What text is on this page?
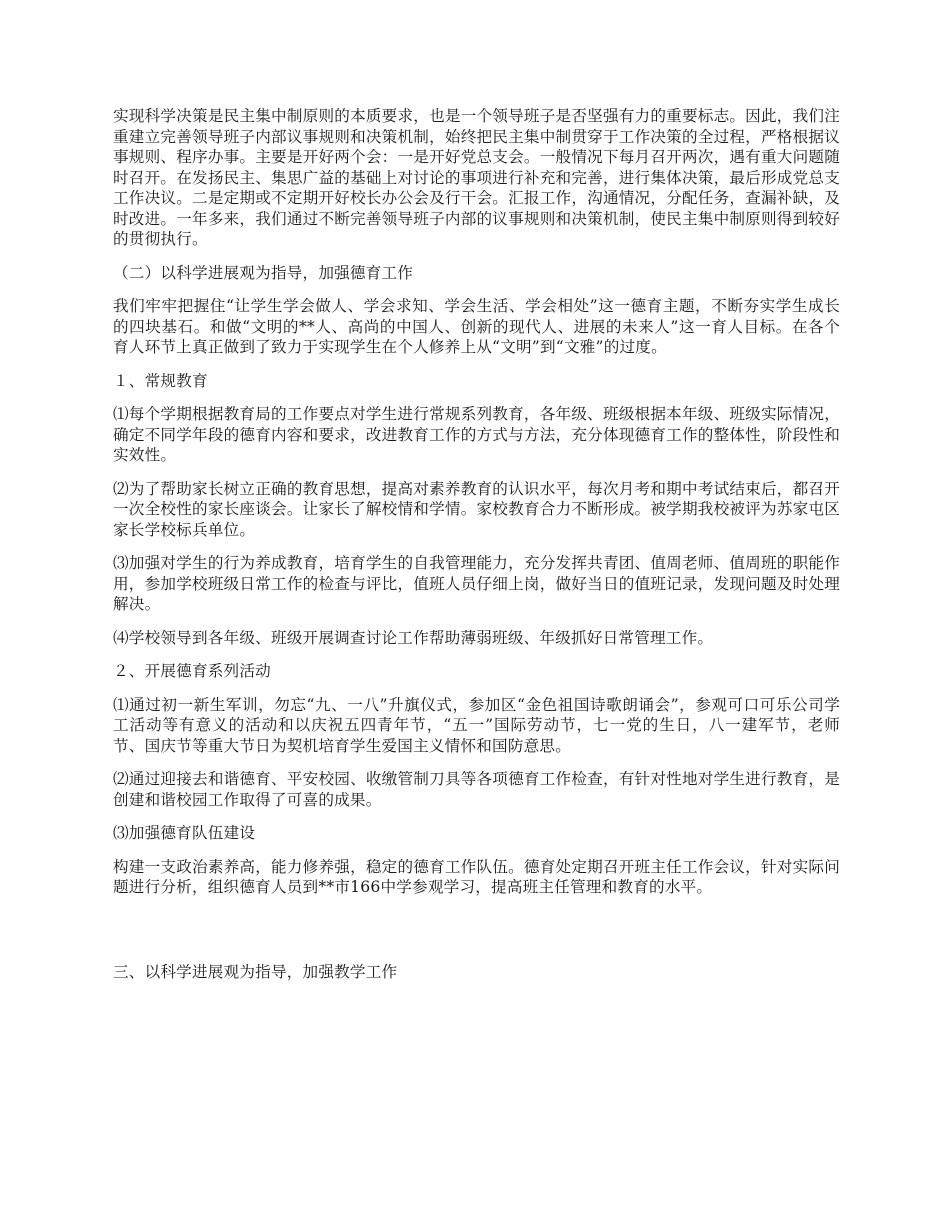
实现科学决策是民主集中制原则的本质要求，也是一个领导班子是否坚强有力的重要标志。因此，我们注重建立完善领导班子内部议事规则和决策机制，始终把民主集中制贯穿于工作决策的全过程，严格根据议事规则、程序办事。主要是开好两个会：一是开好党总支会。一般情况下每月召开两次，遇有重大问题随时召开。在发扬民主、集思广益的基础上对讨论的事项进行补充和完善，进行集体决策，最后形成党总支工作决议。二是定期或不定期开好校长办公会及行干会。汇报工作，沟通情况，分配任务，查漏补缺，及时改进。一年多来，我们通过不断完善领导班子内部的议事规则和决策机制，使民主集中制原则得到较好的贯彻执行。

（二）以科学进展观为指导，加强德育工作

我们牢牢把握住“让学生学会做人、学会求知、学会生活、学会相处”这一德育主题，不断夯实学生成长的四块基石。和做“文明的**人、高尚的中国人、创新的现代人、进展的未来人”这一育人目标。在各个育人环节上真正做到了致力于实现学生在个人修养上从“文明”到“文雅”的过度。

１、常规教育

⑴每个学期根据教育局的工作要点对学生进行常规系列教育，各年级、班级根据本年级、班级实际情况，确定不同学年段的德育内容和要求，改进教育工作的方式与方法，充分体现德育工作的整体性，阶段性和实效性。

⑵为了帮助家长树立正确的教育思想，提高对素养教育的认识水平，每次月考和期中考试结束后，都召开一次全校性的家长座谈会。让家长了解校情和学情。家校教育合力不断形成。被学期我校被评为苏家屯区家长学校标兵单位。

⑶加强对学生的行为养成教育，培育学生的自我管理能力，充分发挥共青团、值周老师、值周班的职能作用，参加学校班级日常工作的检查与评比，值班人员仔细上岗，做好当日的值班记录，发现问题及时处理解决。

⑷学校领导到各年级、班级开展调查讨论工作帮助薄弱班级、年级抓好日常管理工作。

２、开展德育系列活动

⑴通过初一新生军训，勿忘“九、一八”升旗仪式，参加区“金色祖国诗歌朗诵会”，参观可口可乐公司学工活动等有意义的活动和以庆祝五四青年节，“五一”国际劳动节，七一党的生日，八一建军节，老师节、国庆节等重大节日为契机培育学生爱国主义情怀和国防意思。

⑵通过迎接去和谐德育、平安校园、收缴管制刀具等各项德育工作检查，有针对性地对学生进行教育，是创建和谐校园工作取得了可喜的成果。

⑶加强德育队伍建设

构建一支政治素养高，能力修养强，稳定的德育工作队伍。德育处定期召开班主任工作会议，针对实际问题进行分析，组织德育人员到**市166中学参观学习，提高班主任管理和教育的水平。

三、以科学进展观为指导，加强教学工作
